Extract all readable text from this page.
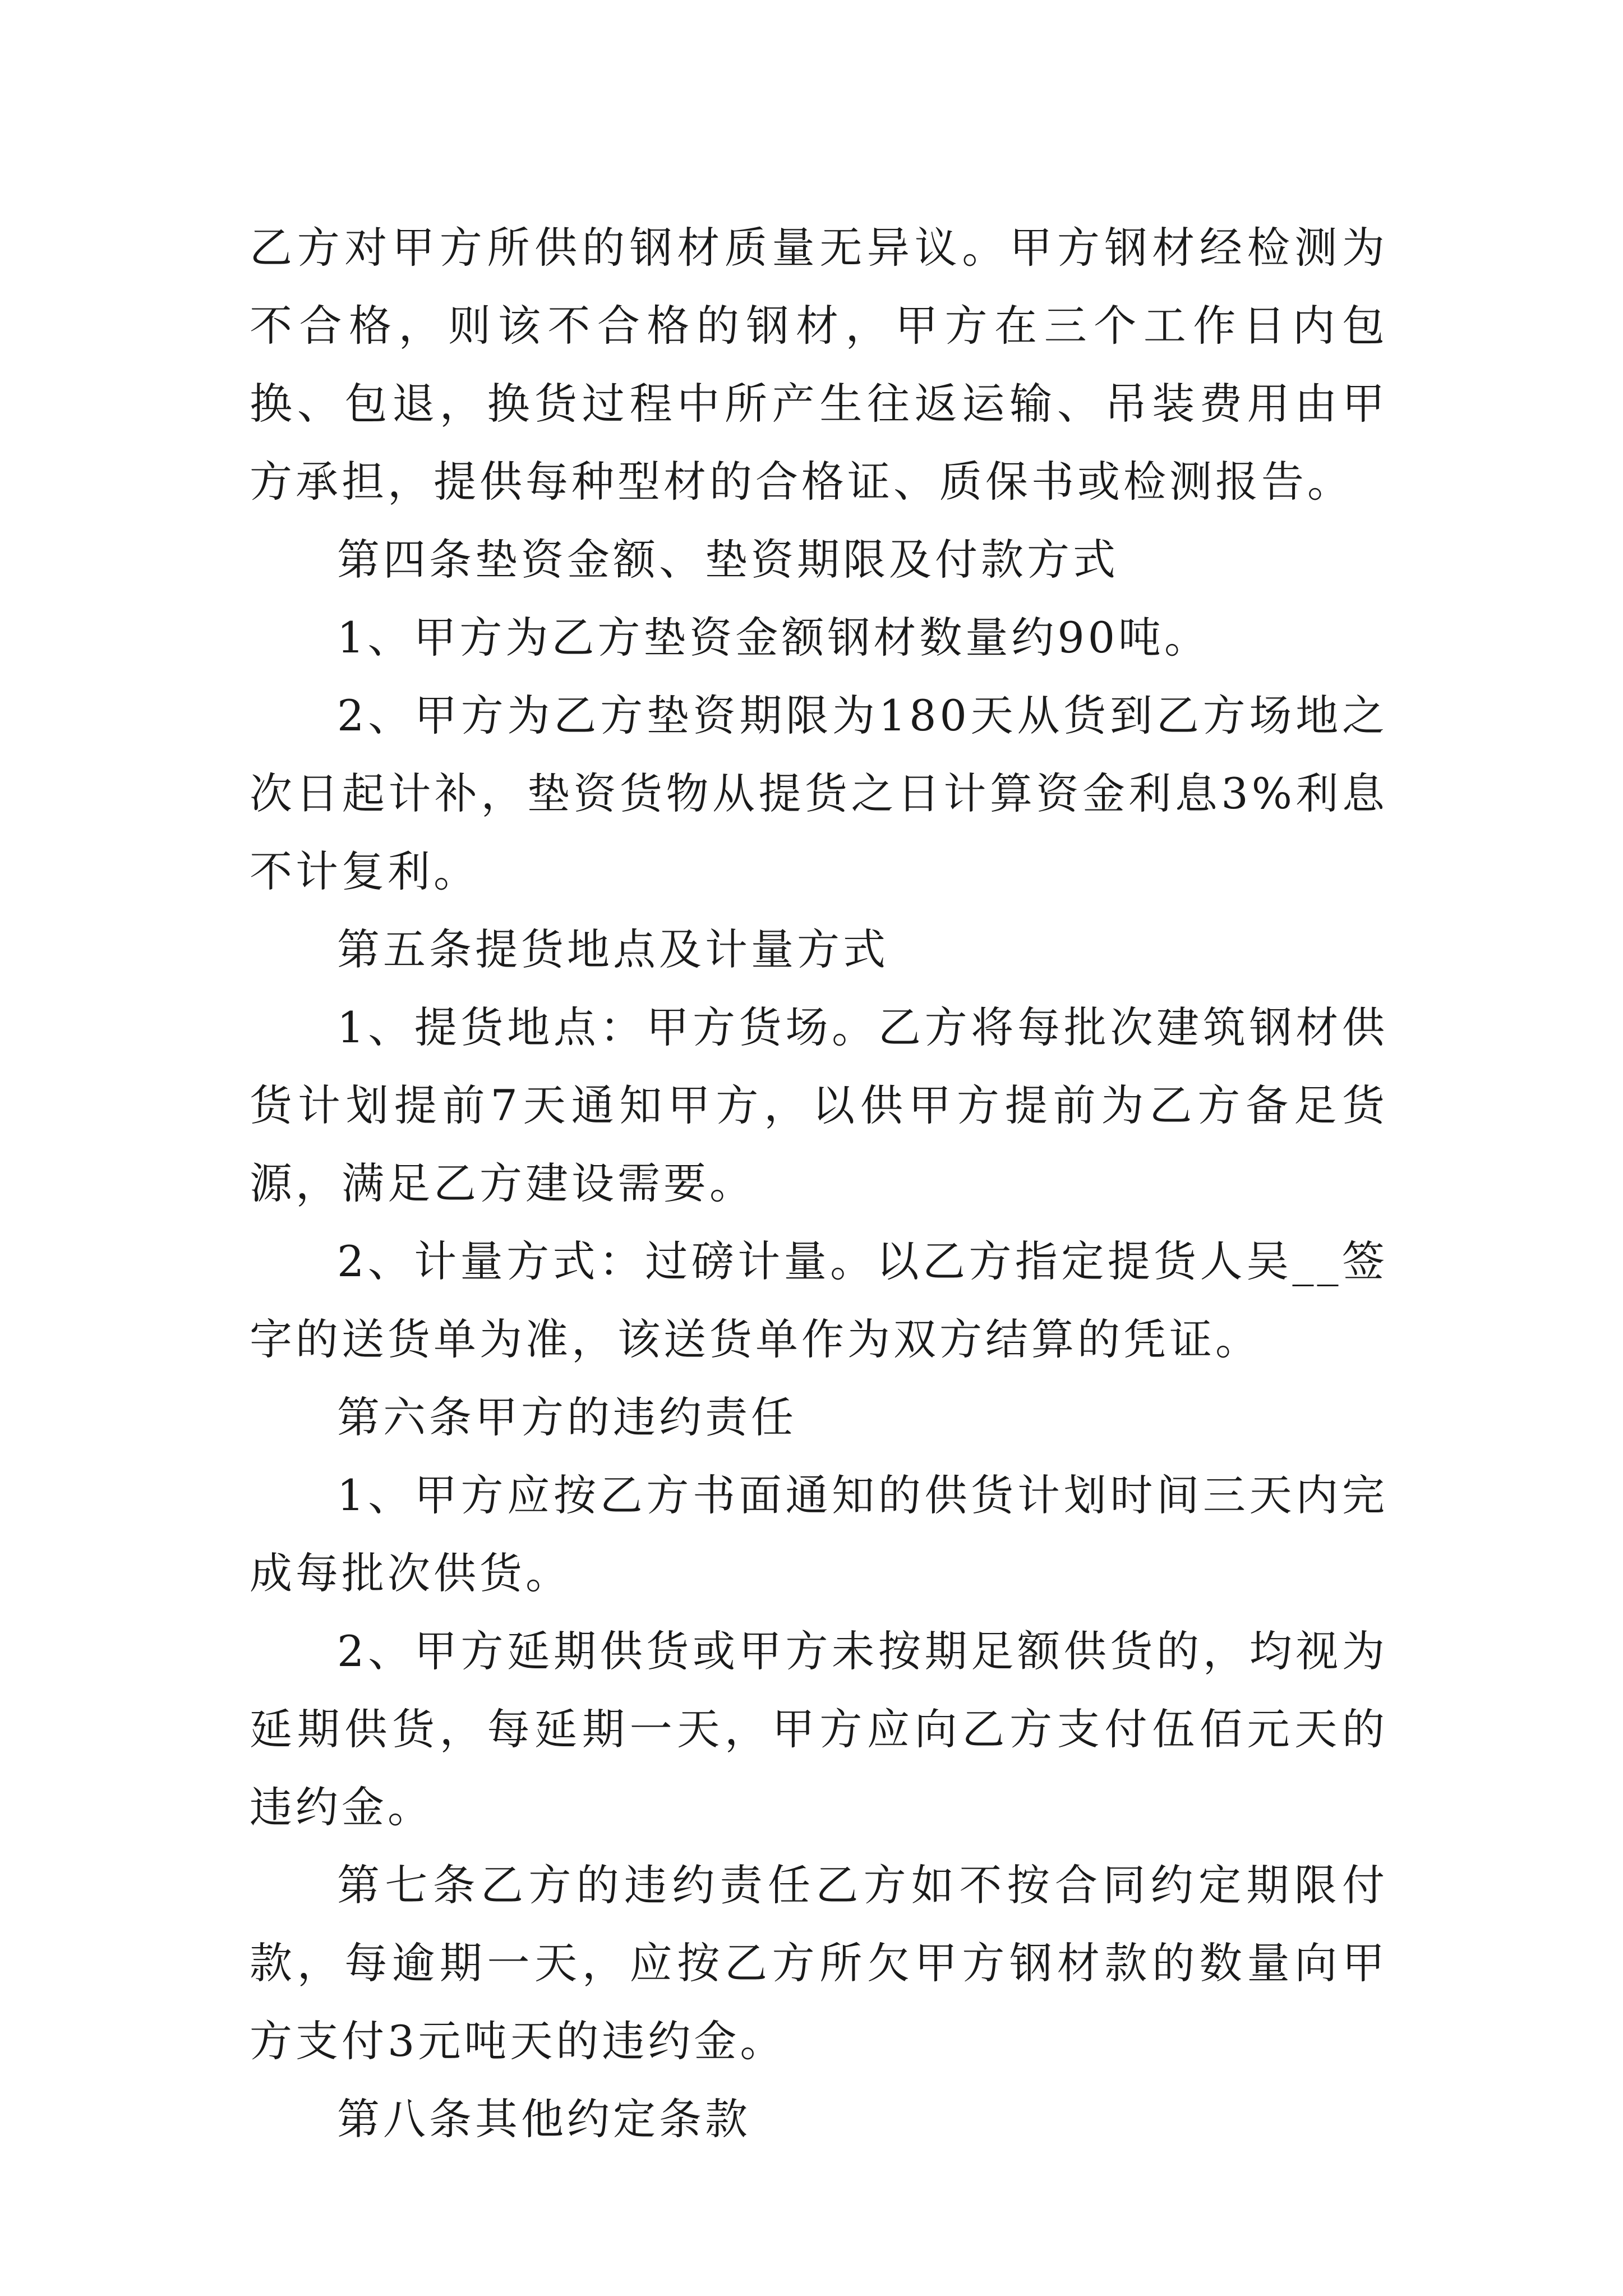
乙方对甲方所供的钢材质量无异议。甲方钢材经检测为不合格，则该不合格的钢材，甲方在三个工作日内包换、包退，换货过程中所产生往返运输、吊装费用由甲方承担，提供每种型材的合格证、质保书或检测报告。

第四条垫资金额、垫资期限及付款方式

1、甲方为乙方垫资金额钢材数量约90吨。

2、甲方为乙方垫资期限为180天从货到乙方场地之次日起计补，垫资货物从提货之日计算资金利息3%利息不计复利。

第五条提货地点及计量方式

1、提货地点：甲方货场。乙方将每批次建筑钢材供货计划提前7天通知甲方，以供甲方提前为乙方备足货源，满足乙方建设需要。

2、计量方式：过磅计量。以乙方指定提货人吴__签字的送货单为准，该送货单作为双方结算的凭证。

第六条甲方的违约责任

1、甲方应按乙方书面通知的供货计划时间三天内完成每批次供货。

2、甲方延期供货或甲方未按期足额供货的，均视为延期供货，每延期一天，甲方应向乙方支付伍佰元天的违约金。

第七条乙方的违约责任乙方如不按合同约定期限付款，每逾期一天，应按乙方所欠甲方钢材款的数量向甲方支付3元吨天的违约金。

第八条其他约定条款
